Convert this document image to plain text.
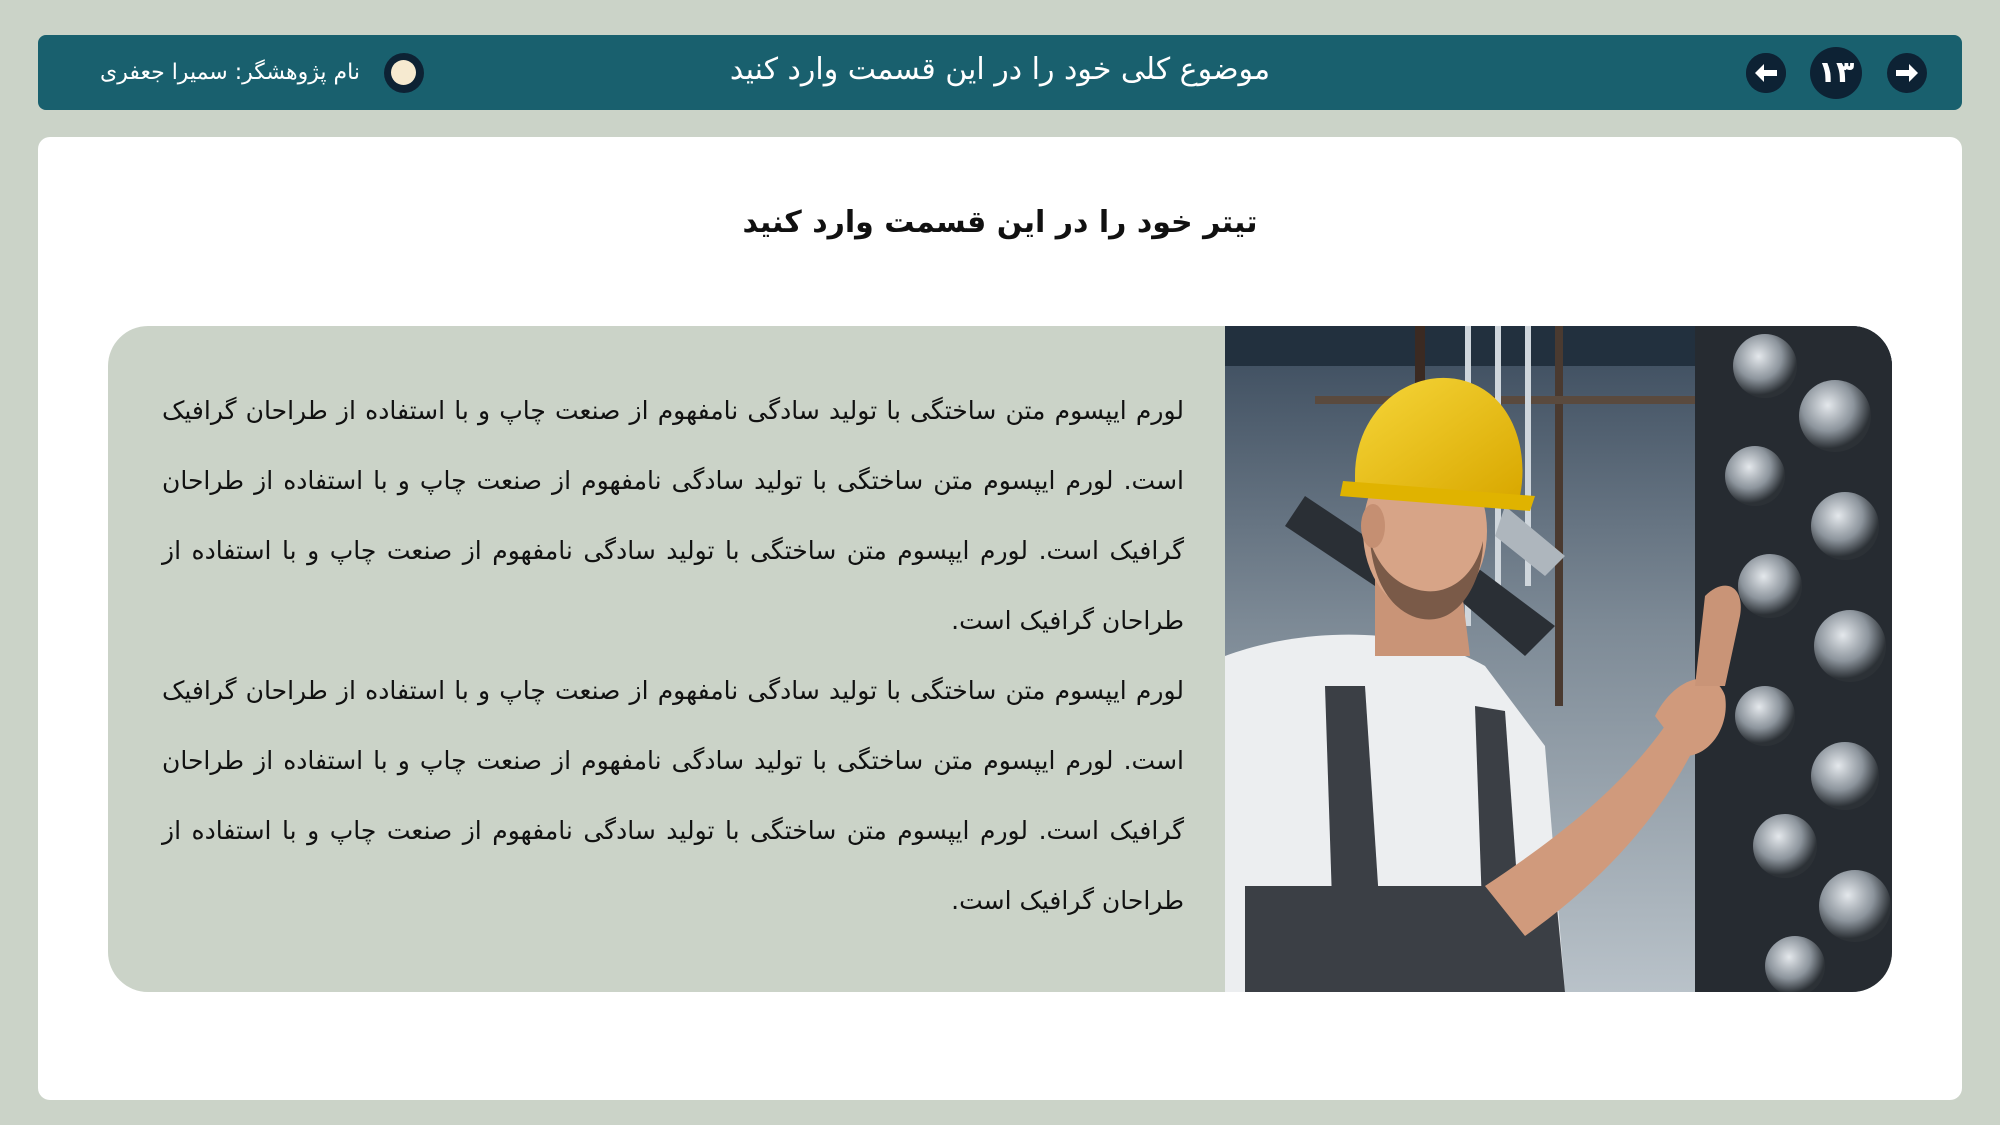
موضوع کلی خود را در این قسمت وارد کنید
نام پژوهشگر: سمیرا جعفری	۱۳
تیتر خود را در این قسمت وارد کنید

لورم ایپسوم متن ساختگی با تولید سادگی نامفهوم از صنعت چاپ و با استفاده از طراحان گرافیک است. لورم ایپسوم متن ساختگی با تولید سادگی نامفهوم از صنعت چاپ و با استفاده از طراحان گرافیک است. لورم ایپسوم متن ساختگی با تولید سادگی نامفهوم از صنعت چاپ و با استفاده از طراحان گرافیک است.

لورم ایپسوم متن ساختگی با تولید سادگی نامفهوم از صنعت چاپ و با استفاده از طراحان گرافیک است. لورم ایپسوم متن ساختگی با تولید سادگی نامفهوم از صنعت چاپ و با استفاده از طراحان گرافیک است. لورم ایپسوم متن ساختگی با تولید سادگی نامفهوم از صنعت چاپ و با استفاده از طراحان گرافیک است.
